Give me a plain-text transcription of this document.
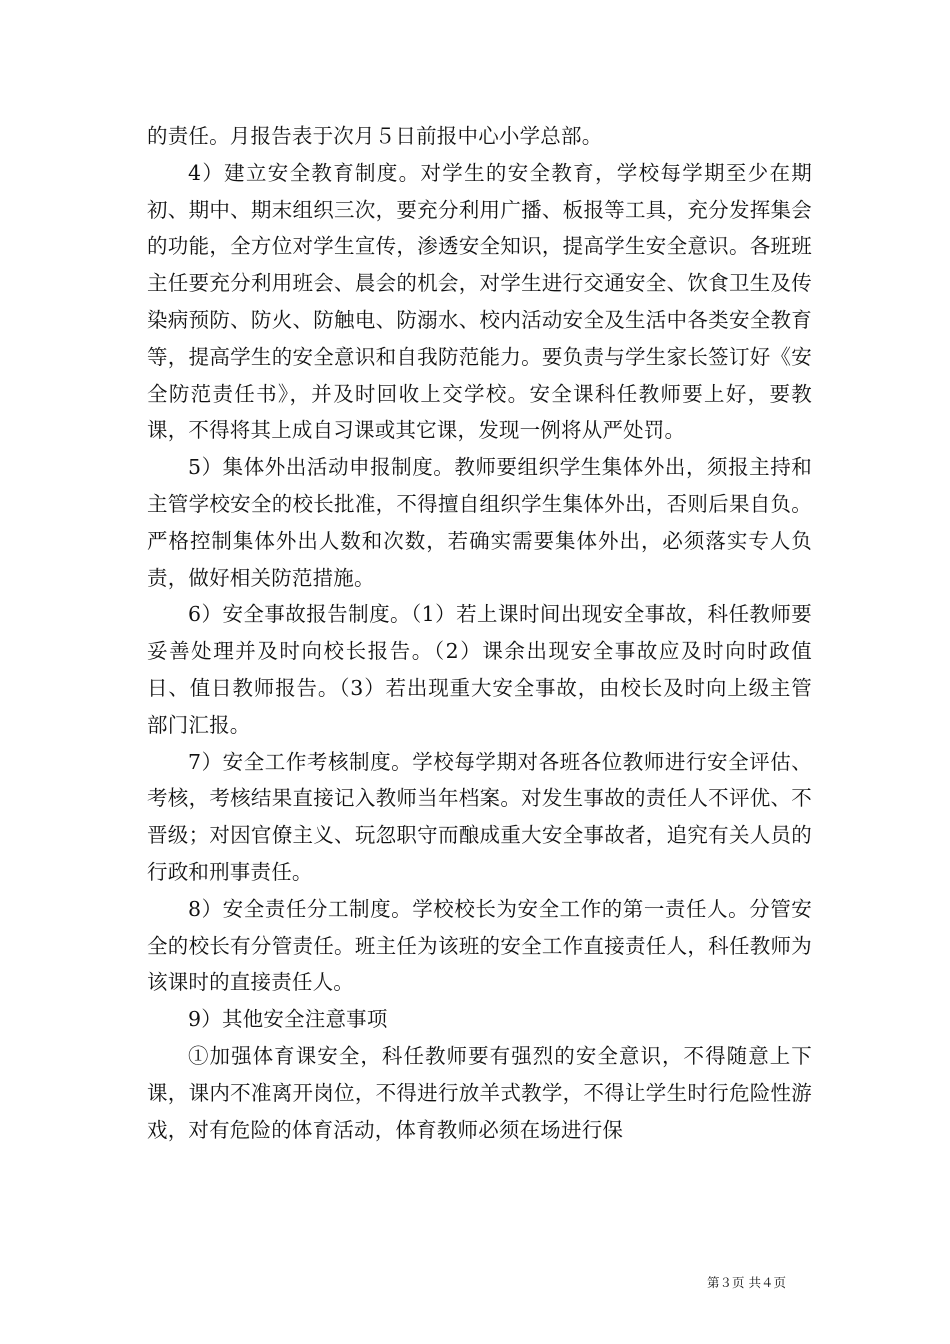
的责任。月报告表于次月５日前报中心小学总部。

4）建立安全教育制度。对学生的安全教育，学校每学期至少在期初、期中、期末组织三次，要充分利用广播、板报等工具，充分发挥集会的功能，全方位对学生宣传，渗透安全知识，提高学生安全意识。各班班主任要充分利用班会、晨会的机会，对学生进行交通安全、饮食卫生及传染病预防、防火、防触电、防溺水、校内活动安全及生活中各类安全教育等，提高学生的安全意识和自我防范能力。要负责与学生家长签订好《安全防范责任书》，并及时回收上交学校。安全课科任教师要上好，要教课，不得将其上成自习课或其它课，发现一例将从严处罚。

5）集体外出活动申报制度。教师要组织学生集体外出，须报主持和主管学校安全的校长批准，不得擅自组织学生集体外出，否则后果自负。严格控制集体外出人数和次数，若确实需要集体外出，必须落实专人负责，做好相关防范措施。

6）安全事故报告制度。（1）若上课时间出现安全事故，科任教师要妥善处理并及时向校长报告。（2）课余出现安全事故应及时向时政值日、值日教师报告。（3）若出现重大安全事故，由校长及时向上级主管部门汇报。

7）安全工作考核制度。学校每学期对各班各位教师进行安全评估、考核，考核结果直接记入教师当年档案。对发生事故的责任人不评优、不晋级；对因官僚主义、玩忽职守而酿成重大安全事故者，追究有关人员的行政和刑事责任。

8）安全责任分工制度。学校校长为安全工作的第一责任人。分管安全的校长有分管责任。班主任为该班的安全工作直接责任人，科任教师为该课时的直接责任人。

9）其他安全注意事项

①加强体育课安全，科任教师要有强烈的安全意识，不得随意上下课，课内不准离开岗位，不得进行放羊式教学，不得让学生时行危险性游戏，对有危险的体育活动，体育教师必须在场进行保

第３页 共４页
